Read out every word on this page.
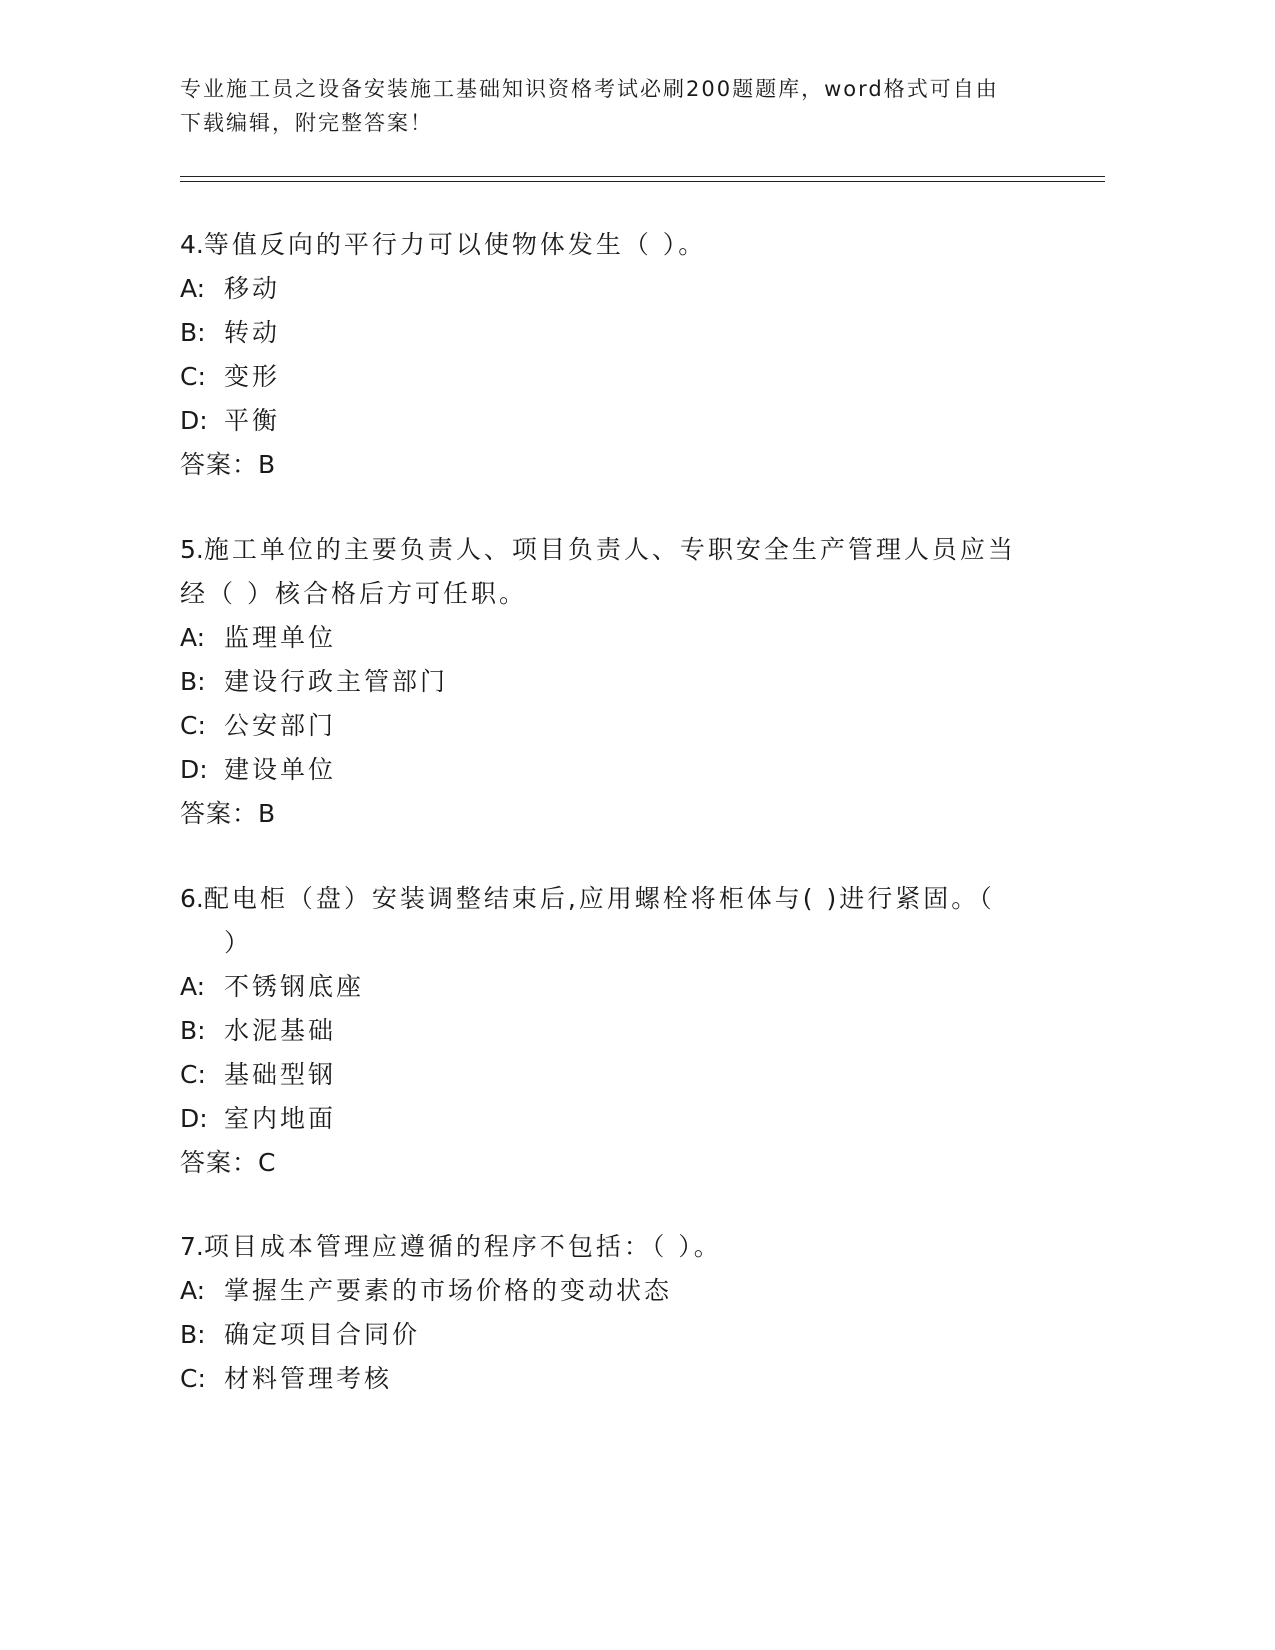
专业施工员之设备安装施工基础知识资格考试必刷200题题库，word格式可自由
下载编辑，附完整答案！

4.等值反向的平行力可以使物体发生（ ）。

A: 移动

B: 转动

C: 变形

D: 平衡

答案：B

5.施工单位的主要负责人、项目负责人、专职安全生产管理人员应当

经（ ）核合格后方可任职。

A: 监理单位

B: 建设行政主管部门

C: 公安部门

D: 建设单位

答案：B

6.配电柜（盘）安装调整结束后,应用螺栓将柜体与( )进行紧固。（

）

A: 不锈钢底座

B: 水泥基础

C: 基础型钢

D: 室内地面

答案：C

7.项目成本管理应遵循的程序不包括：（ ）。

A: 掌握生产要素的市场价格的变动状态

B: 确定项目合同价

C: 材料管理考核
